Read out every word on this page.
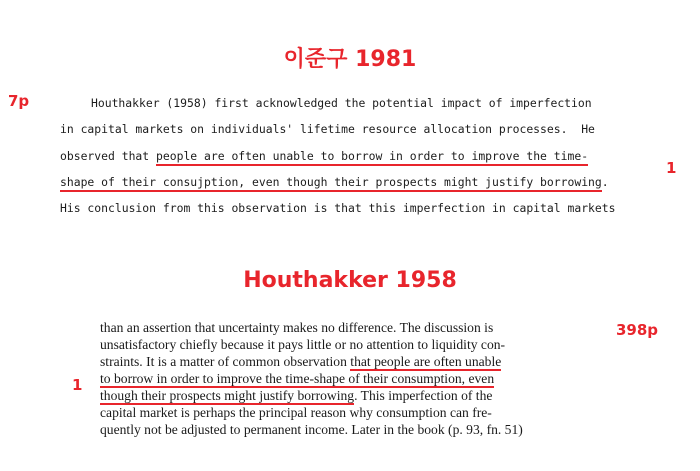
이준구 1981
7p
1
Houthakker (1958) first acknowledged the potential impact of imperfection
in capital markets on individuals' lifetime resource allocation processes.  He
observed that people are often unable to borrow in order to improve the time-
shape of their consujption, even though their prospects might justify borrowing.
His conclusion from this observation is that this imperfection in capital markets
Houthakker 1958
398p
1
than an assertion that uncertainty makes no difference. The discussion is
unsatisfactory chiefly because it pays little or no attention to liquidity con-
straints. It is a matter of common observation that people are often unable
to borrow in order to improve the time-shape of their consumption, even
though their prospects might justify borrowing. This imperfection of the
capital market is perhaps the principal reason why consumption can fre-
quently not be adjusted to permanent income. Later in the book (p. 93, fn. 51)
